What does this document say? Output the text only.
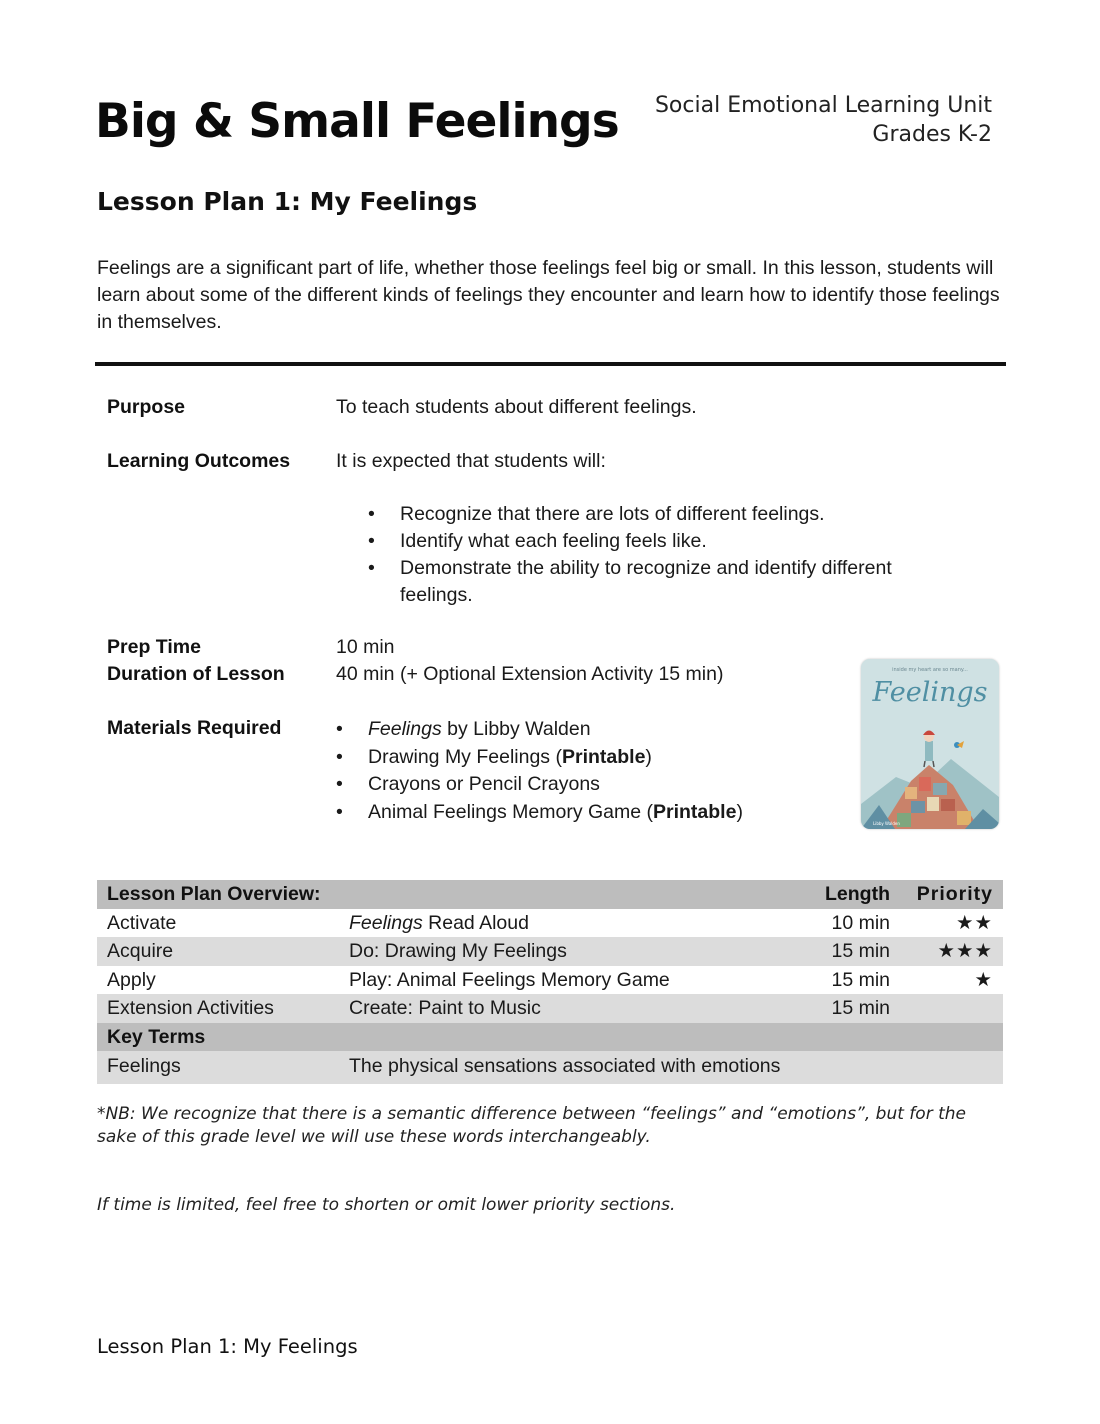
Big & Small Feelings Social Emotional Learning Unit
Grades K-2
Lesson Plan 1: My Feelings
Feelings are a significant part of life, whether those feelings feel big or small. In this lesson, students will learn about some of the different kinds of feelings they encounter and learn how to identify those feelings in themselves.
Purpose	To teach students about different feelings.
Learning Outcomes It is expected that students will:
• Recognize that there are lots of different feelings.
• Identify what each feeling feels like.
• Demonstrate the ability to recognize and identify different feelings.
Prep Time	10 min
Duration of Lesson	40 min (+ Optional Extension Activity 15 min)
Materials Required	• Feelings by Libby Walden
• Drawing My Feelings (Printable)
• Crayons or Pencil Crayons
• Animal Feelings Memory Game (Printable)
inside my heart are so many...
Feelings
Libby Walden
Lesson Plan Overview:	Length Priority
Activate	Feelings Read Aloud	10 min	★★
Acquire	Do: Drawing My Feelings	15 min ★★★
Apply	Play: Animal Feelings Memory Game	15 min	★
Extension Activities	Create: Paint to Music	15 min
Key Terms
Feelings	The physical sensations associated with emotions
*NB: We recognize that there is a semantic difference between “feelings” and “emotions”, but for the sake of this grade level we will use these words interchangeably.
If time is limited, feel free to shorten or omit lower priority sections.
Lesson Plan 1: My Feelings
